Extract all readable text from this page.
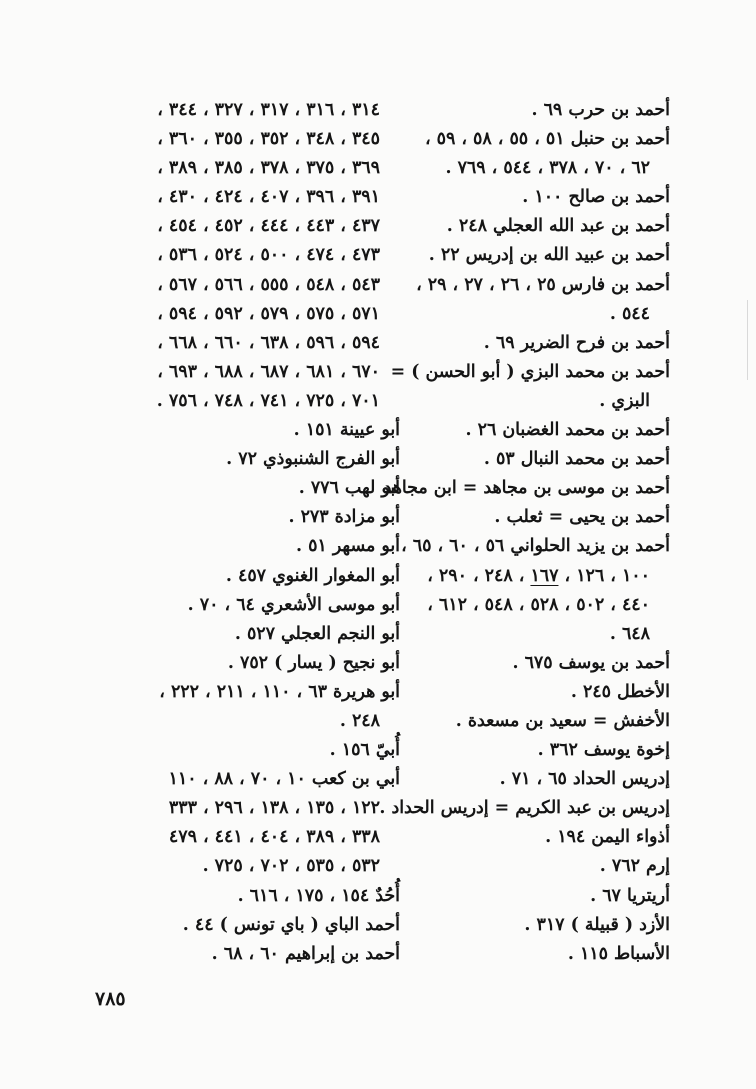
أحمد بن حرب ٦٩ .
أحمد بن حنبل ٥١ ، ٥٥ ، ٥٨ ، ٥٩ ،
٦٢ ، ٧٠ ، ٣٧٨ ، ٥٤٤ ، ٧٦٩ .
أحمد بن صالح ١٠٠ .
أحمد بن عبد الله العجلي ٢٤٨ .
أحمد بن عبيد الله بن إدريس ٢٢ .
أحمد بن فارس ٢٥ ، ٢٦ ، ٢٧ ، ٢٩ ،
٥٤٤ .
أحمد بن فرح الضرير ٦٩ .
أحمد بن محمد البزي ( أبو الحسن ) =
البزي .
أحمد بن محمد الغضبان ٢٦ .
أحمد بن محمد النبال ٥٣ .
أحمد بن موسى بن مجاهد = ابن مجاهد
أحمد بن يحيى = ثعلب .
أحمد بن يزيد الحلواني ٥٦ ، ٦٠ ، ٦٥ ،
١٠٠ ، ١٢٦ ، ١٦٧ ، ٢٤٨ ، ٢٩٠ ،
٤٤٠ ، ٥٠٢ ، ٥٢٨ ، ٥٤٨ ، ٦١٢ ،
٦٤٨ .
أحمد بن يوسف ٦٧٥ .
الأخطل ٢٤٥ .
الأخفش = سعيد بن مسعدة .
إخوة يوسف ٣٦٢ .
إدريس الحداد ٦٥ ، ٧١ .
إدريس بن عبد الكريم = إدريس الحداد .
أذواء اليمن ١٩٤ .
إرم ٧٦٢ .
أريتريا ٦٧ .
الأزد ( قبيلة ) ٣١٧ .
الأسباط ١١٥ .
٣١٤ ، ٣١٦ ، ٣١٧ ، ٣٢٧ ، ٣٤٤ ،
٣٤٥ ، ٣٤٨ ، ٣٥٢ ، ٣٥٥ ، ٣٦٠ ،
٣٦٩ ، ٣٧٥ ، ٣٧٨ ، ٣٨٥ ، ٣٨٩ ،
٣٩١ ، ٣٩٦ ، ٤٠٧ ، ٤٢٤ ، ٤٣٠ ،
٤٣٧ ، ٤٤٣ ، ٤٤٤ ، ٤٥٢ ، ٤٥٤ ،
٤٧٣ ، ٤٧٤ ، ٥٠٠ ، ٥٢٤ ، ٥٣٦ ،
٥٤٣ ، ٥٤٨ ، ٥٥٥ ، ٥٦٦ ، ٥٦٧ ،
٥٧١ ، ٥٧٥ ، ٥٧٩ ، ٥٩٢ ، ٥٩٤ ،
٥٩٤ ، ٥٩٦ ، ٦٣٨ ، ٦٦٠ ، ٦٦٨ ،
٦٧٠ ، ٦٨١ ، ٦٨٧ ، ٦٨٨ ، ٦٩٣ ،
٧٠١ ، ٧٢٥ ، ٧٤١ ، ٧٤٨ ، ٧٥٦ .
أبو عيينة ١٥١ .
أبو الفرج الشنبوذي ٧٢ .
أبو لهب ٧٧٦ .
أبو مزادة ٢٧٣ .
أبو مسهر ٥١ .
أبو المغوار الغنوي ٤٥٧ .
أبو موسى الأشعري ٦٤ ، ٧٠ .
أبو النجم العجلي ٥٢٧ .
أبو نجيح ( يسار ) ٧٥٢ .
أبو هريرة ٦٣ ، ١١٠ ، ٢١١ ، ٢٢٢ ،
٢٤٨ .
أُبيّ ١٥٦ .
أبي بن كعب ١٠ ، ٧٠ ، ٨٨ ، ١١٠
١٢٢ ، ١٣٥ ، ١٣٨ ، ٢٩٦ ، ٣٣٣
٣٣٨ ، ٣٨٩ ، ٤٠٤ ، ٤٤١ ، ٤٧٩
٥٣٢ ، ٥٣٥ ، ٧٠٢ ، ٧٢٥ .
أُحُدٌ ١٥٤ ، ١٧٥ ، ٦١٦ .
أحمد الباي ( باي تونس ) ٤٤ .
أحمد بن إبراهيم ٦٠ ، ٦٨ .
٧٨٥
